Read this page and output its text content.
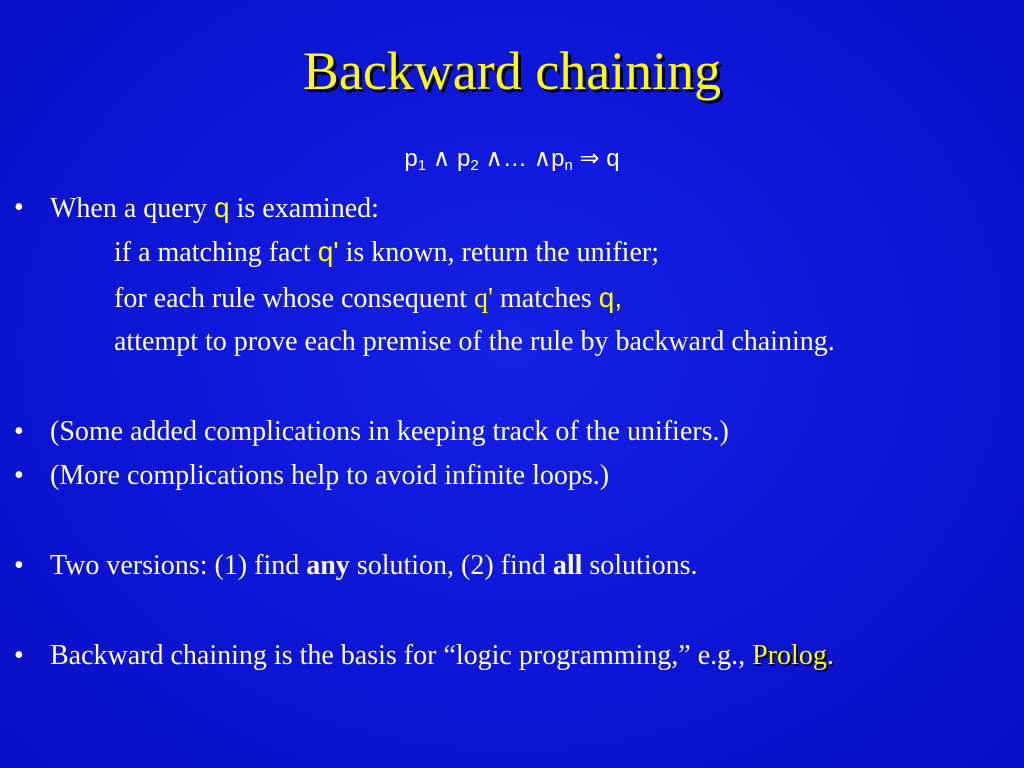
Backward chaining
$p_1$ ∧ $p_2$ ∧… $\wedge p_n$ ⇒ q
• When a query q is examined:
if a matching fact q' is known, return the unifier;
for each rule whose consequent q' matches q,
attempt to prove each premise of the rule by backward chaining.
• (Some added complications in keeping track of the unifiers.)
• (More complications help to avoid infinite loops.)
• Two versions: (1) find any solution, (2) find all solutions.
• Backward chaining is the basis for “logic programming,” e.g., Prolog.
